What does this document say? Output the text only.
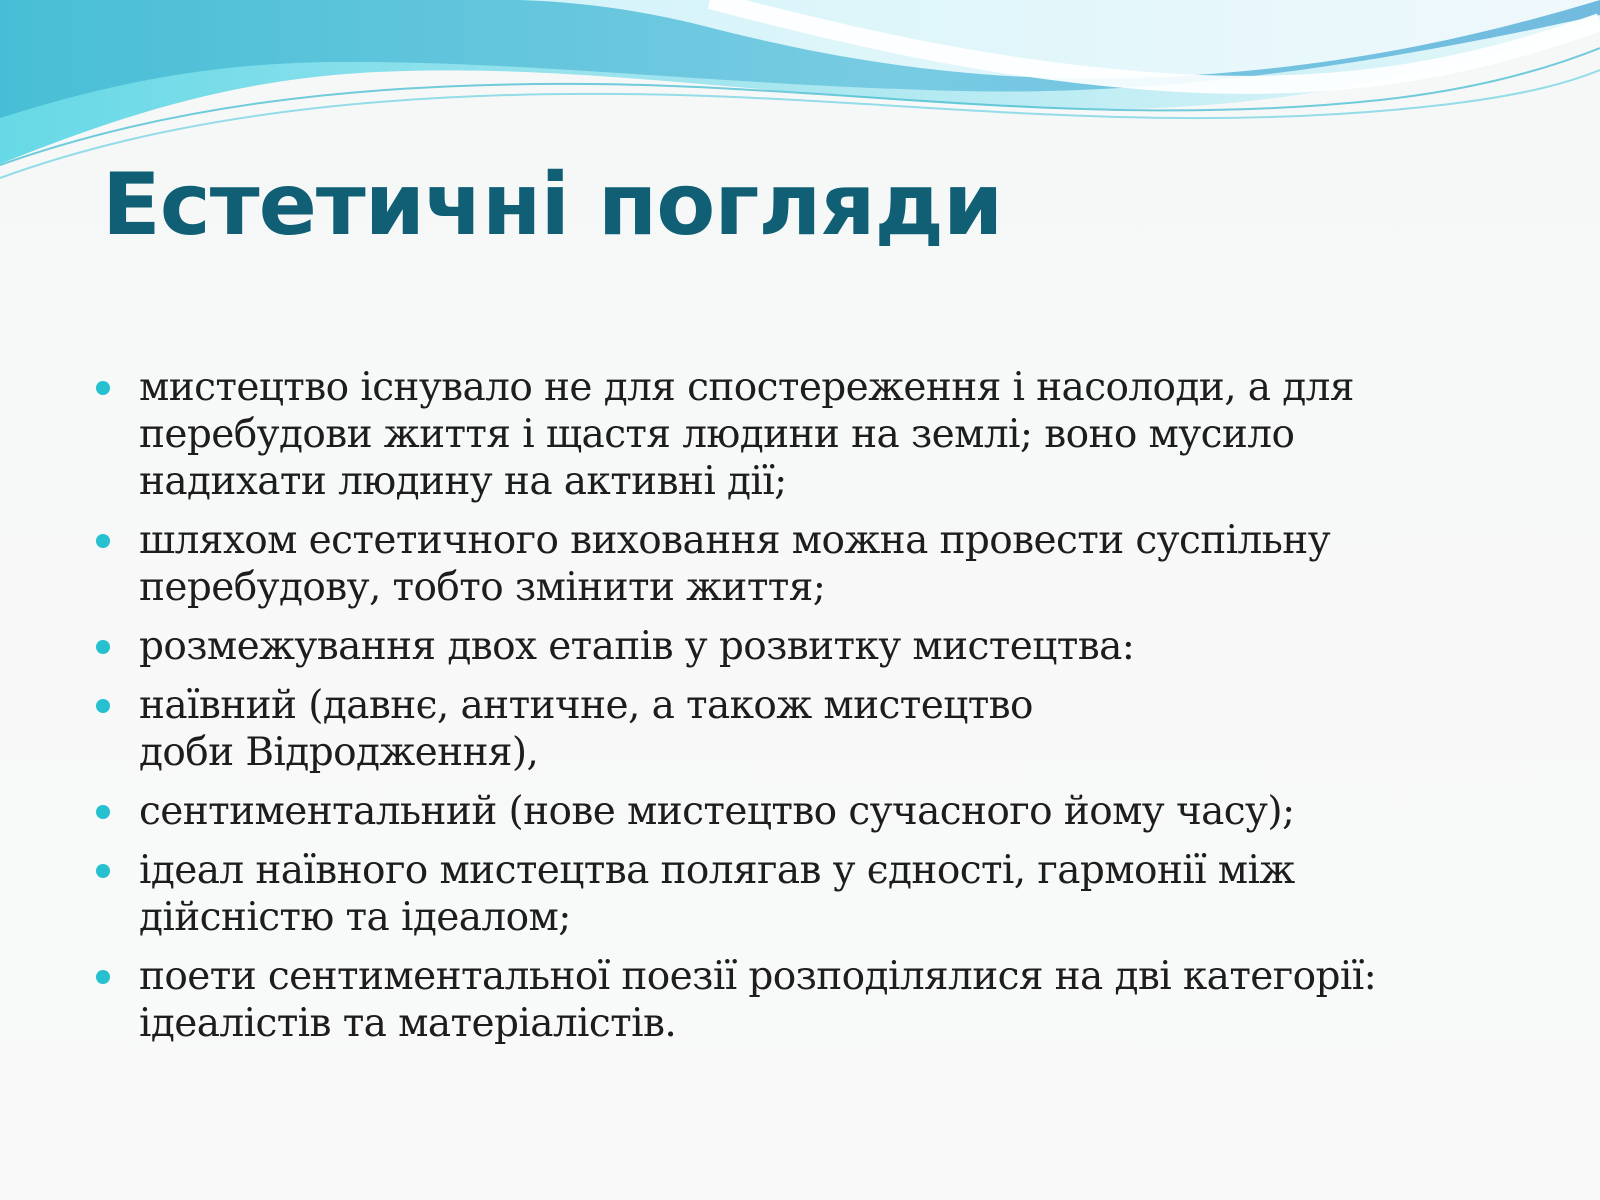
Естетичні погляди
мистецтво існувало не для спостереження і насолоди, а для
перебудови життя і щастя людини на землі; воно мусило
надихати людину на активні дії;
шляхом естетичного виховання можна провести суспільну
перебудову, тобто змінити життя;
розмежування двох етапів у розвитку мистецтва:
наївний (давнє, античне, а також мистецтво
доби Відродження),
сентиментальний (нове мистецтво сучасного йому часу);
ідеал наївного мистецтва полягав у єдності, гармонії між
дійсністю та ідеалом;
поети сентиментальної поезії розподілялися на дві категорії:
ідеалістів та матеріалістів.
